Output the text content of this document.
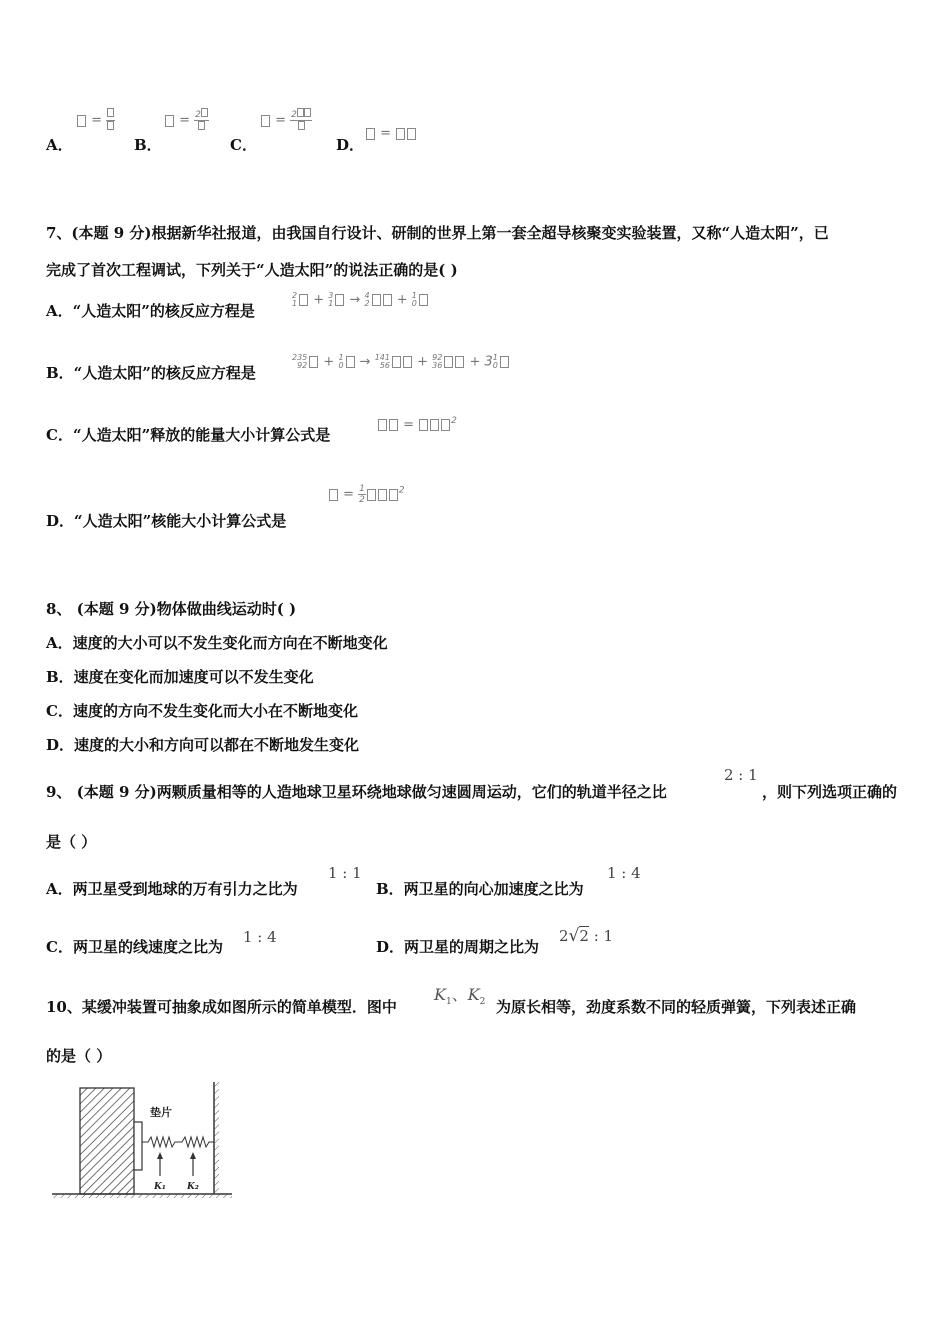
A．
=
B．
= 2
C．
= 2
D．
=
7、(本题 9 分)根据新华社报道，由我国自行设计、研制的世界上第一套全超导核聚变实验装置，又称“人造太阳”，已
完成了首次工程调试，下列关于“人造太阳”的说法正确的是( )
A．“人造太阳”的核反应方程是
2
1 + 3
1 → 4
2 + 1
0
B．“人造太阳”的核反应方程是
235
92 + 1
0 → 141
56 + 92
36 + 3 1
0
C．“人造太阳”释放的能量大小计算公式是
=	$^2$
D．“人造太阳”核能大小计算公式是
= $\frac{1}{2}$	$^2$
8、 (本题 9 分)物体做曲线运动时( )
A．速度的大小可以不发生变化而方向在不断地变化
B．速度在变化而加速度可以不发生变化
C．速度的方向不发生变化而大小在不断地变化
D．速度的大小和方向可以都在不断地发生变化
9、 (本题 9 分)两颗质量相等的人造地球卫星环绕地球做匀速圆周运动，它们的轨道半径之比
2 : 1
，则下列选项正确的
是（ ）
A．两卫星受到地球的万有引力之比为
1 : 1
B．两卫星的向心加速度之比为
1 : 4
C．两卫星的线速度之比为
1 : 4
D．两卫星的周期之比为
2√2 : 1
10、某缓冲装置可抽象成如图所示的简单模型．图中
$K_1$、$K_2$ 为原长相等，劲度系数不同的轻质弹簧，下列表述正确
的是（ ）
垫片
K₁ K₂
